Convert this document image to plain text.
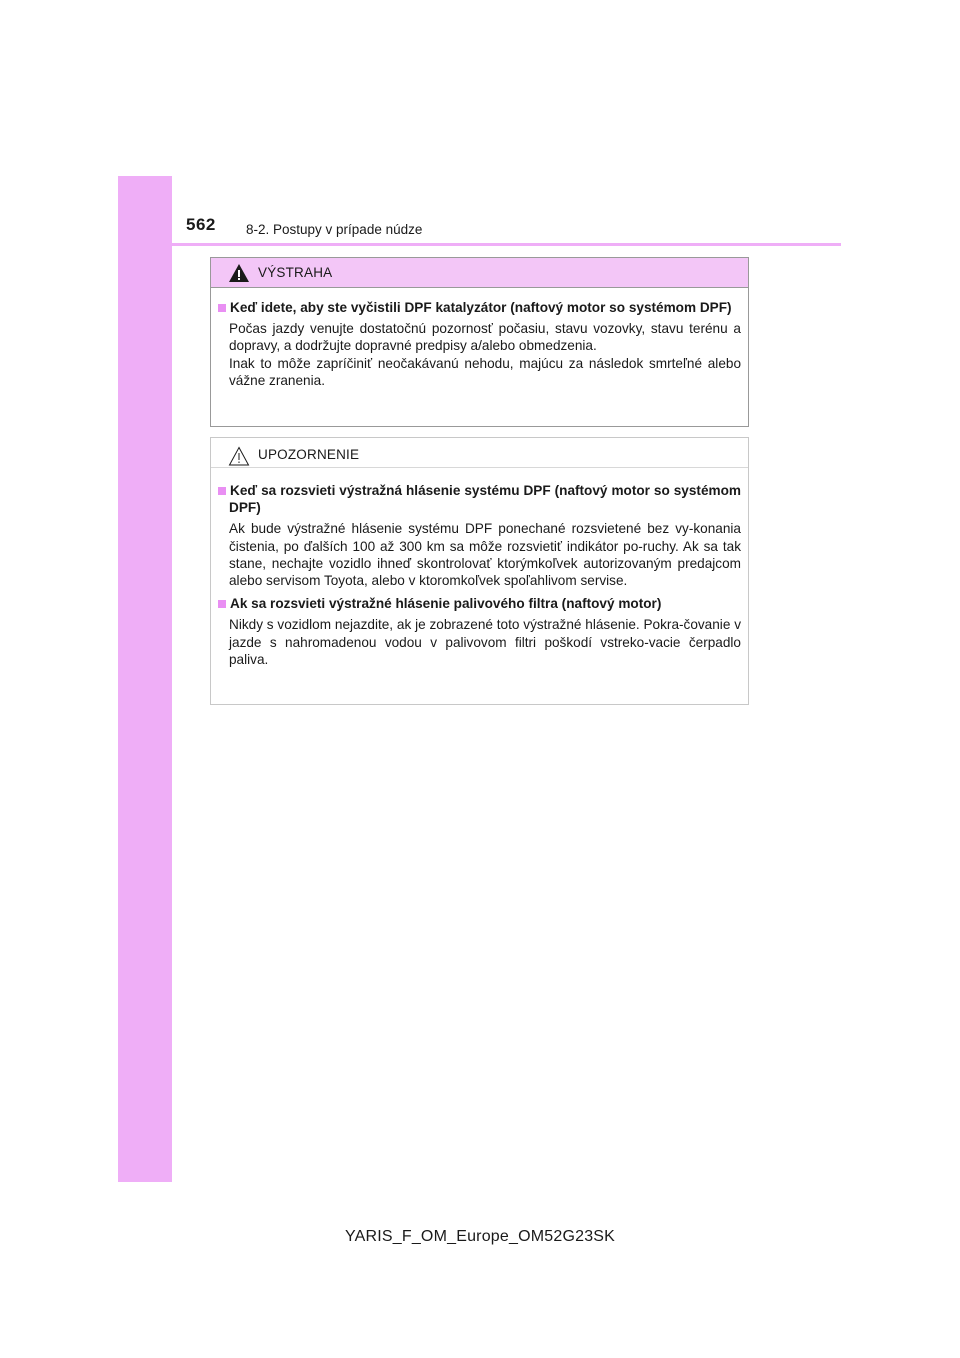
562 8-2. Postupy v prípade núdze
VÝSTRAHA
Keď idete, aby ste vyčistili DPF katalyzátor (naftový motor so systémom DPF)

Počas jazdy venujte dostatočnú pozornosť počasiu, stavu vozovky, stavu terénu a dopravy, a dodržujte dopravné predpisy a/alebo obmedzenia.

Inak to môže zapríčiniť neočakávanú nehodu, majúcu za následok smrteľné alebo vážne zranenia.

UPOZORNENIE
Keď sa rozsvieti výstražná hlásenie systému DPF (naftový motor so systémom DPF)

Ak bude výstražné hlásenie systému DPF ponechané rozsvietené bez vy-konania čistenia, po ďalších 100 až 300 km sa môže rozsvietiť indikátor po-ruchy. Ak sa tak stane, nechajte vozidlo ihneď skontrolovať ktorýmkoľvek autorizovaným predajcom alebo servisom Toyota, alebo v ktoromkoľvek spoľahlivom servise.

Ak sa rozsvieti výstražné hlásenie palivového filtra (naftový motor)

Nikdy s vozidlom nejazdite, ak je zobrazené toto výstražné hlásenie. Pokra-čovanie v jazde s nahromadenou vodou v palivovom filtri poškodí vstreko-vacie čerpadlo paliva.

YARIS_F_OM_Europe_OM52G23SK
